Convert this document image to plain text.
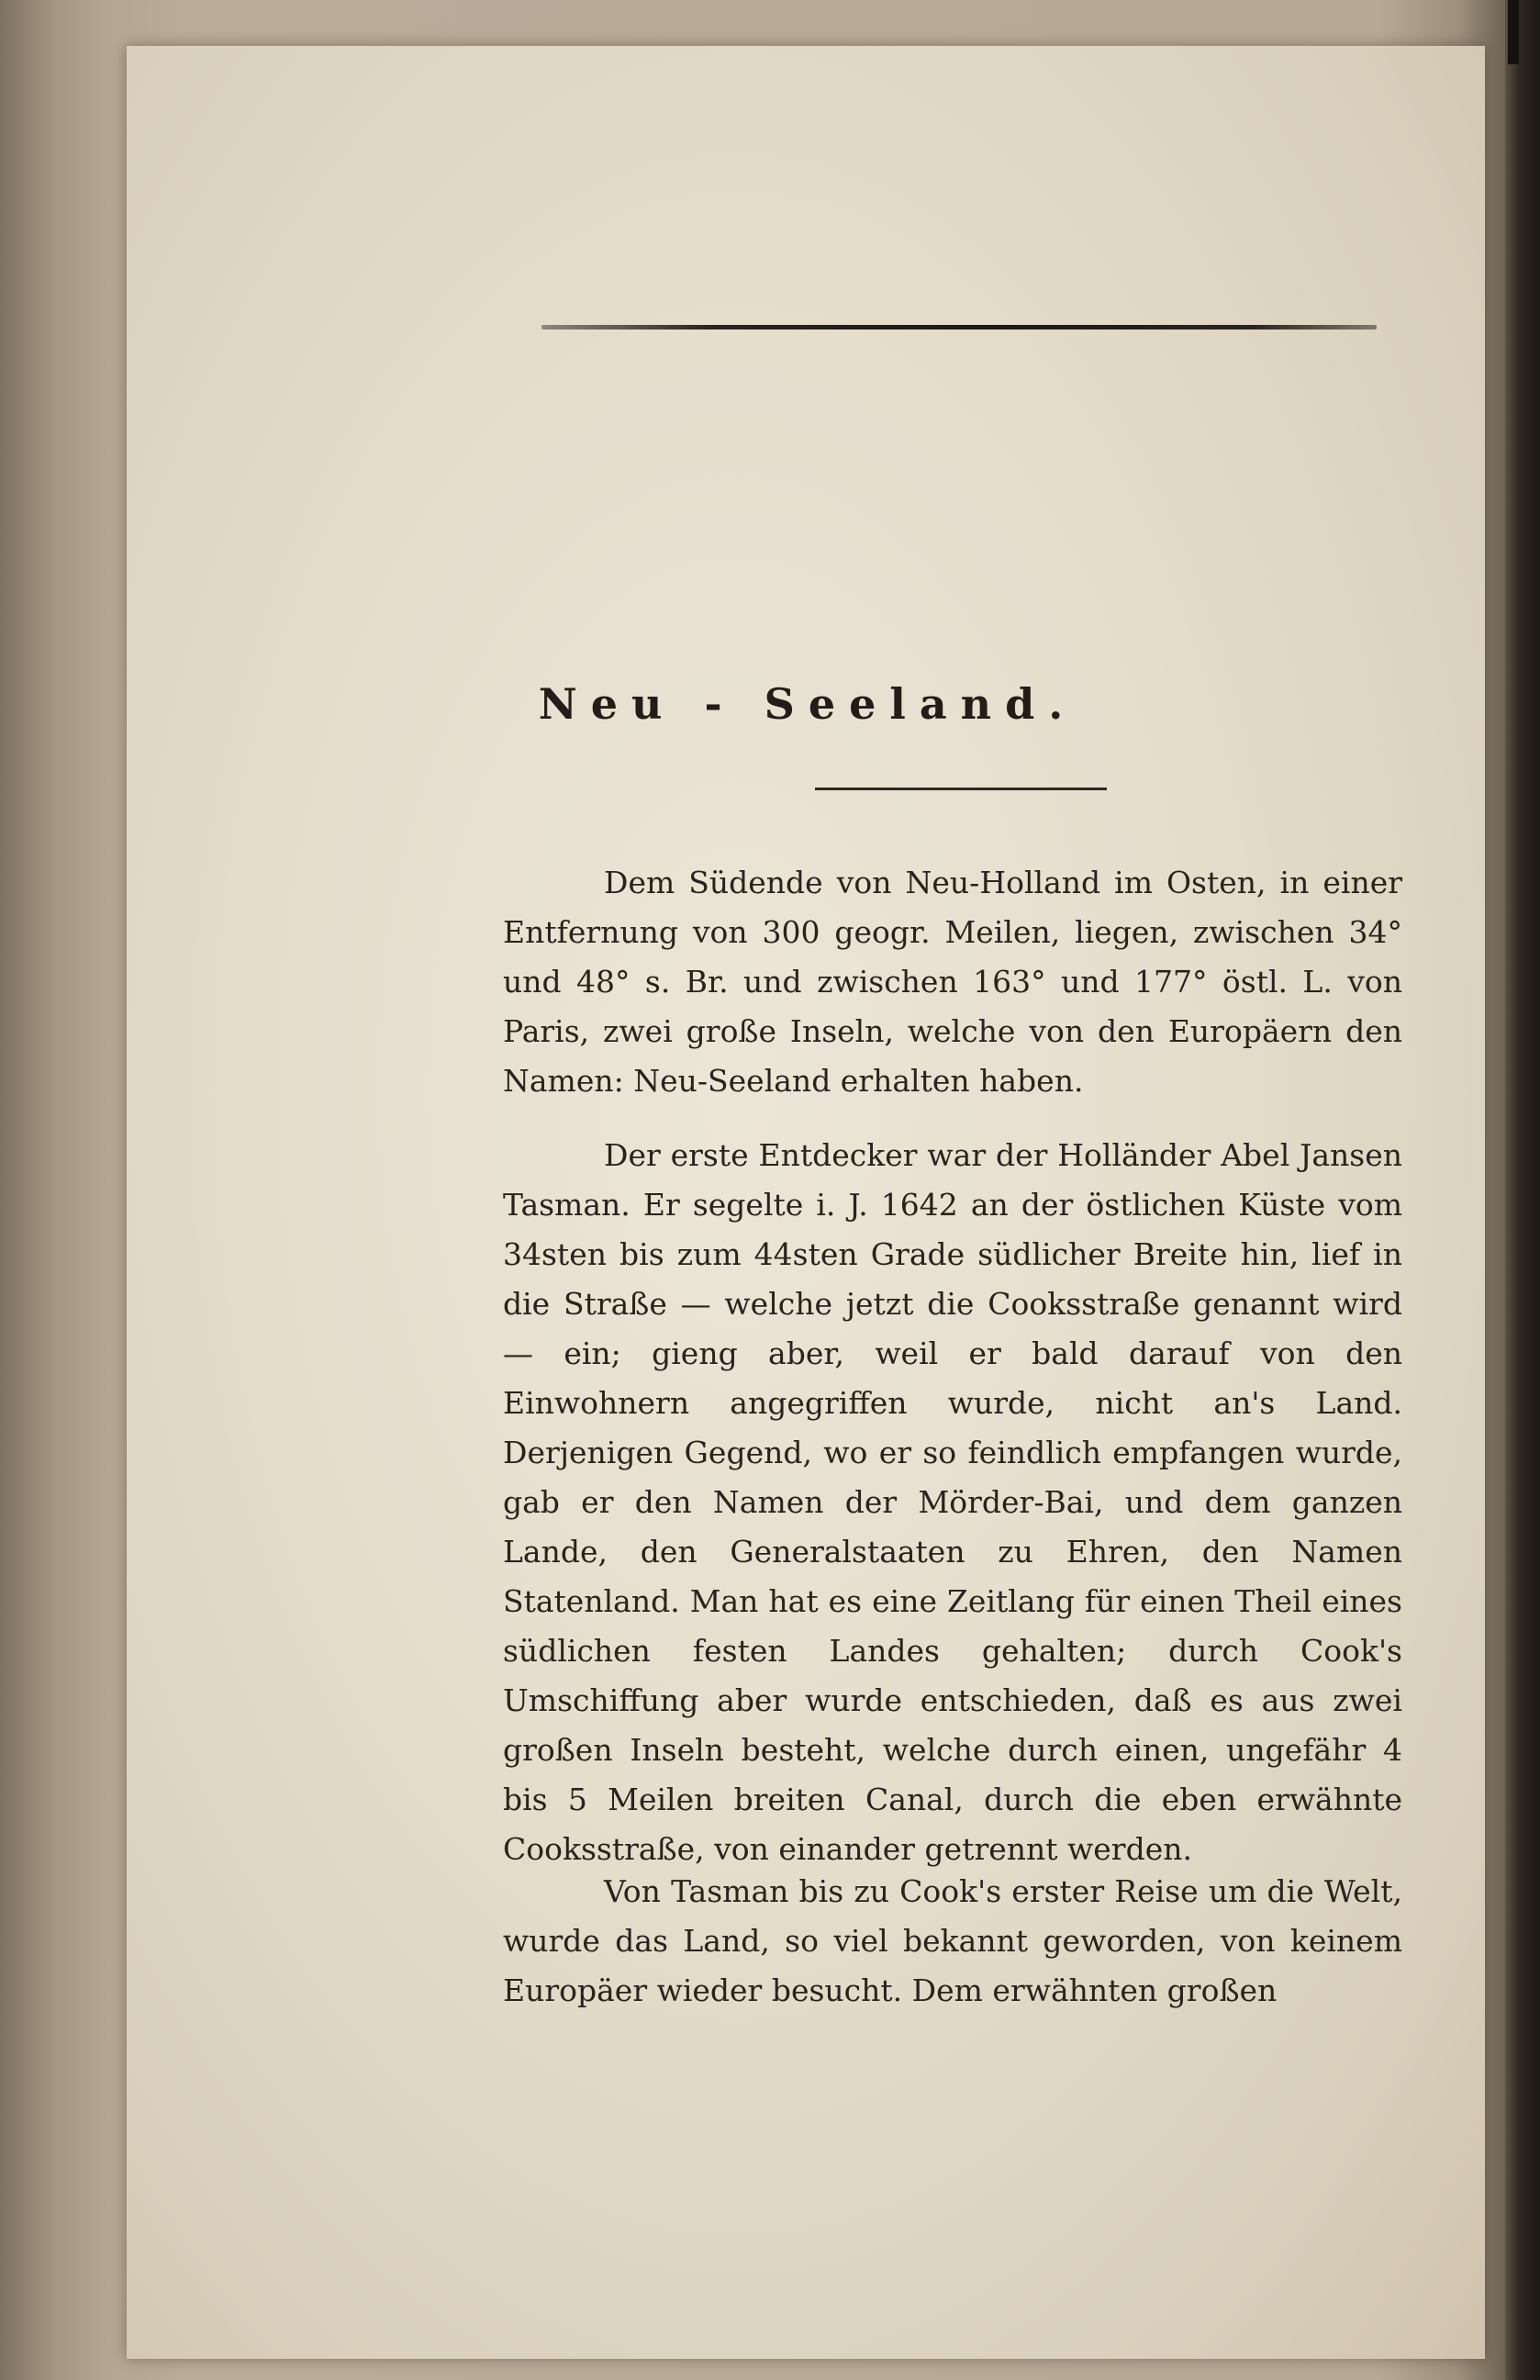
Neu - Seeland.

Dem Südende von Neu-Holland im Osten, in einer Entfernung von 300 geogr. Meilen, liegen, zwischen 34° und 48° s. Br. und zwischen 163° und 177° östl. L. von Paris, zwei große Inseln, welche von den Europäern den Namen: Neu-Seeland erhalten haben.

Der erste Entdecker war der Holländer Abel Jansen Tasman. Er segelte i. J. 1642 an der östlichen Küste vom 34sten bis zum 44sten Grade südlicher Breite hin, lief in die Straße — welche jetzt die Cooksstraße genannt wird — ein; gieng aber, weil er bald darauf von den Einwohnern angegriffen wurde, nicht an's Land. Derjenigen Gegend, wo er so feindlich empfangen wurde, gab er den Namen der Mörder-Bai, und dem ganzen Lande, den Generalstaaten zu Ehren, den Namen Statenland. Man hat es eine Zeitlang für einen Theil eines südlichen festen Landes gehalten; durch Cook's Umschiffung aber wurde entschieden, daß es aus zwei großen Inseln besteht, welche durch einen, ungefähr 4 bis 5 Meilen breiten Canal, durch die eben erwähnte Cooksstraße, von einander getrennt werden.

Von Tasman bis zu Cook's erster Reise um die Welt, wurde das Land, so viel bekannt geworden, von keinem Europäer wieder besucht. Dem erwähnten großen
